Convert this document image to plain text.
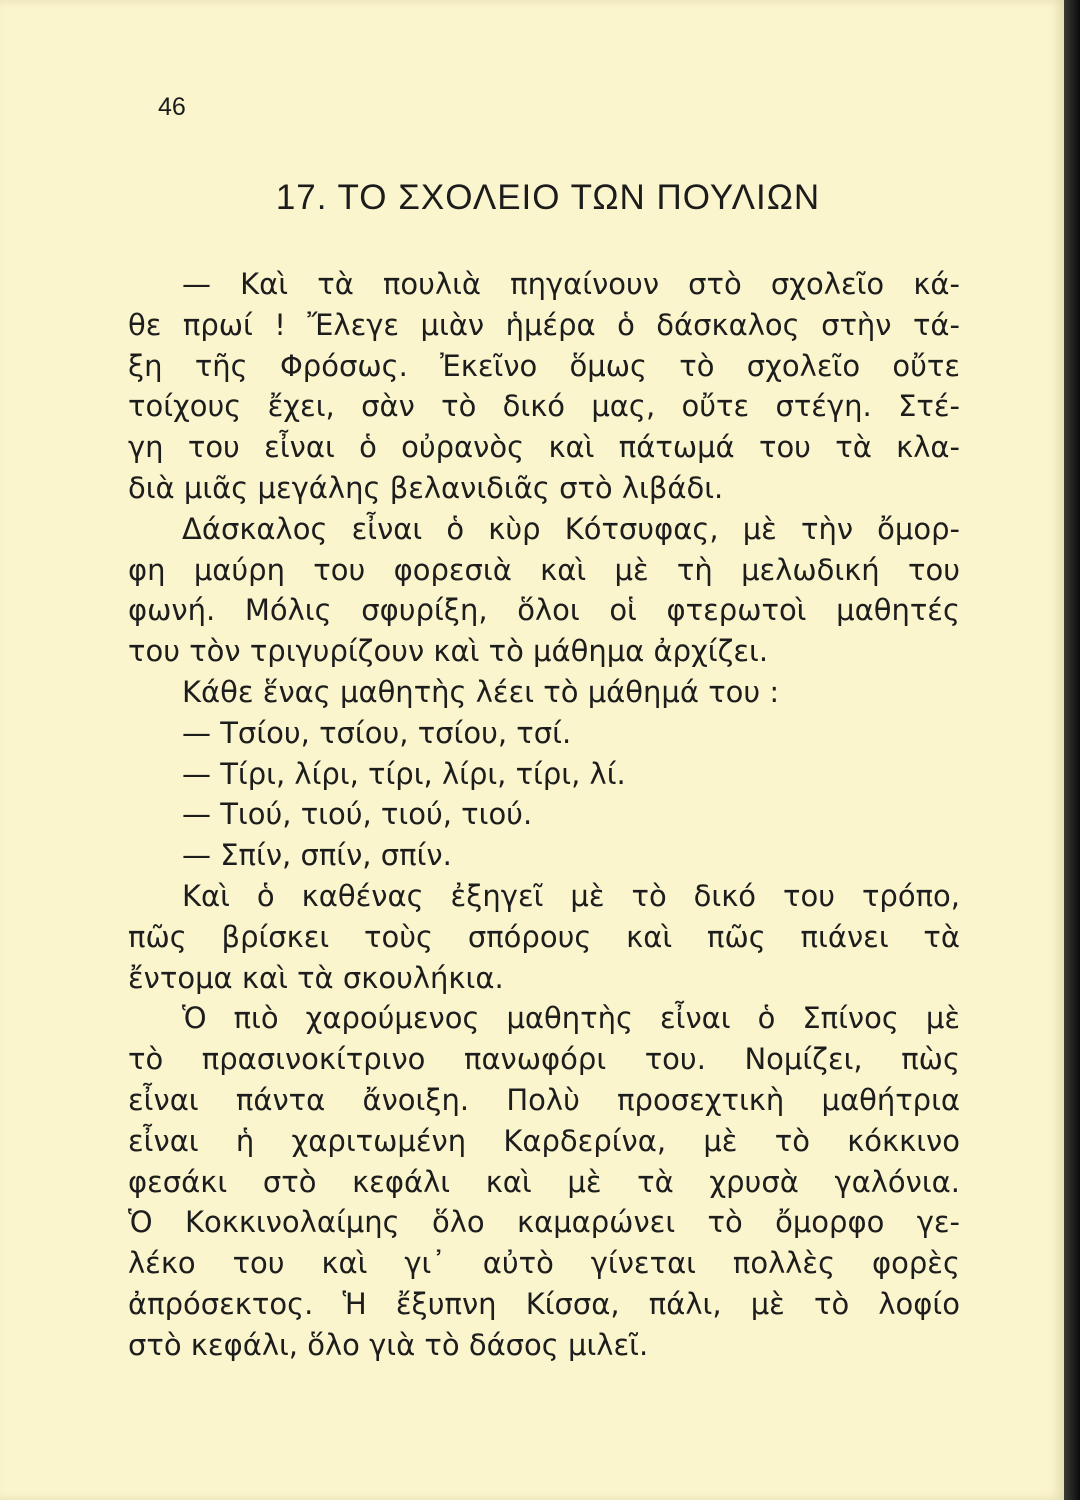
46
17. ΤΟ ΣΧΟΛΕΙΟ ΤΩΝ ΠΟΥΛΙΩΝ
— Καὶ τὰ πουλιὰ πηγαίνουν στὸ σχολεῖο κά-
θε πρωί ! Ἔλεγε μιὰν ἡμέρα ὁ δάσκαλος στὴν τά-
ξη τῆς Φρόσως. Ἐκεῖνο ὅμως τὸ σχολεῖο οὔτε
τοίχους ἔχει, σὰν τὸ δικό μας, οὔτε στέγη. Στέ-
γη του εἶναι ὁ οὐρανὸς καὶ πάτωμά του τὰ κλα-
διὰ μιᾶς μεγάλης βελανιδιᾶς στὸ λιβάδι.
Δάσκαλος εἶναι ὁ κὺρ Κότσυφας, μὲ τὴν ὄμορ-
φη μαύρη του φορεσιὰ καὶ μὲ τὴ μελωδική του
φωνή. Μόλις σφυρίξη, ὅλοι οἱ φτερωτοὶ μαθητές
του τὸν τριγυρίζουν καὶ τὸ μάθημα ἀρχίζει.
Κάθε ἕνας μαθητὴς λέει τὸ μάθημά του :
— Τσίου, τσίου, τσίου, τσί.
— Τίρι, λίρι, τίρι, λίρι, τίρι, λί.
— Τιού, τιού, τιού, τιού.
— Σπίν, σπίν, σπίν.
Καὶ ὁ καθένας ἐξηγεῖ μὲ τὸ δικό του τρόπο,
πῶς βρίσκει τοὺς σπόρους καὶ πῶς πιάνει τὰ
ἔντομα καὶ τὰ σκουλήκια.
Ὁ πιὸ χαρούμενος μαθητὴς εἶναι ὁ Σπίνος μὲ
τὸ πρασινοκίτρινο πανωφόρι του. Νομίζει, πὼς
εἶναι πάντα ἄνοιξη. Πολὺ προσεχτικὴ μαθήτρια
εἶναι ἡ χαριτωμένη Καρδερίνα, μὲ τὸ κόκκινο
φεσάκι στὸ κεφάλι καὶ μὲ τὰ χρυσὰ γαλόνια.
Ὁ Κοκκινολαίμης ὅλο καμαρώνει τὸ ὄμορφο γε-
λέκο του καὶ γι᾿ αὐτὸ γίνεται πολλὲς φορὲς
ἀπρόσεκτος. Ἡ ἔξυπνη Κίσσα, πάλι, μὲ τὸ λοφίο
στὸ κεφάλι, ὅλο γιὰ τὸ δάσος μιλεῖ.
